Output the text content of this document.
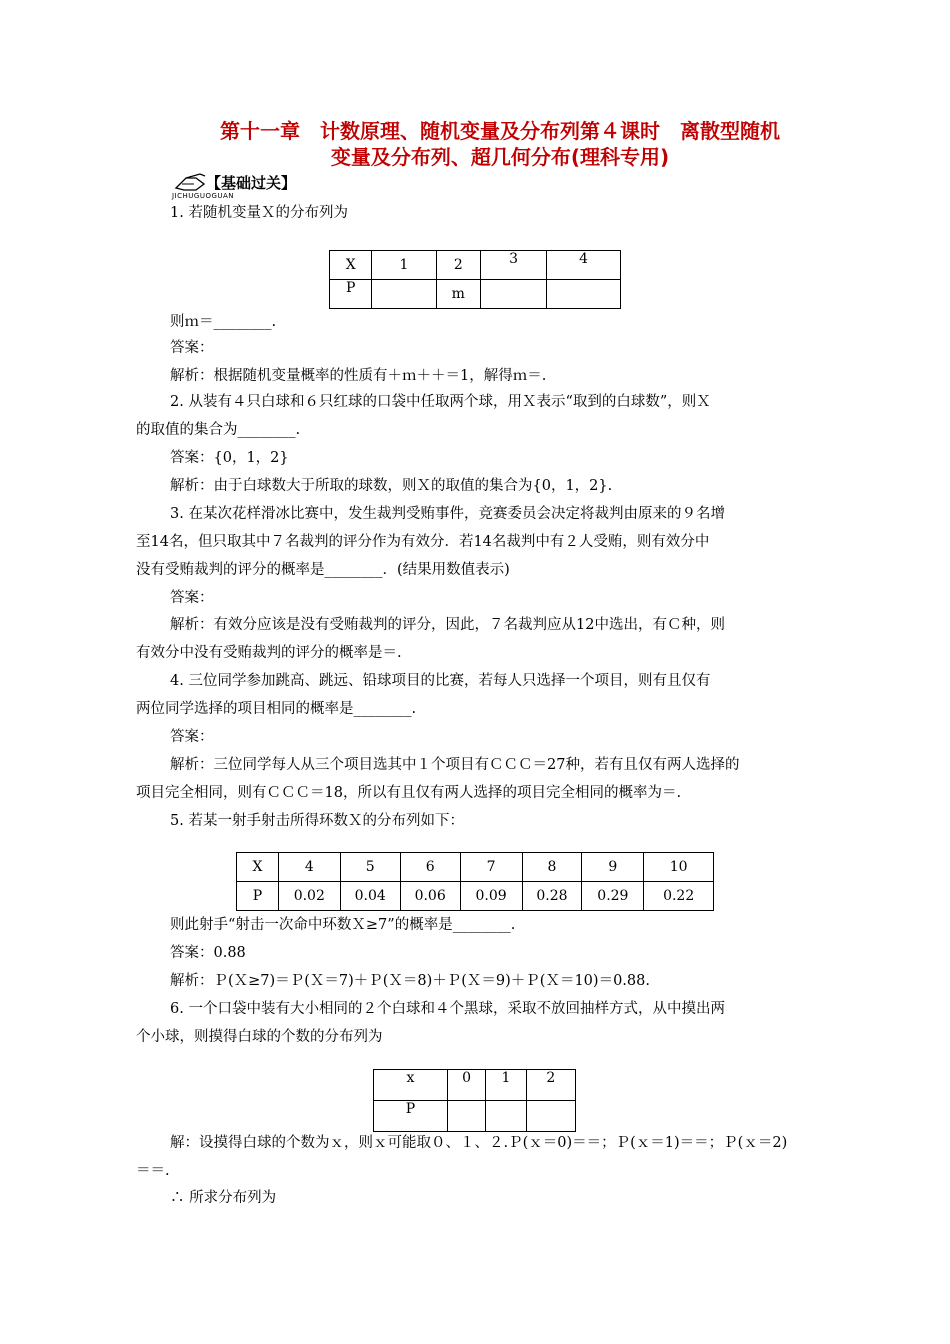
第十一章　计数原理、随机变量及分布列第４课时　离散型随机
变量及分布列、超几何分布(理科专用)
【基础过关】
JICHUGUOGUAN
1. 若随机变量Ｘ的分布列为
X	1	2	3	4
P		m		
则ｍ＝________.
答案：
解析：根据随机变量概率的性质有＋ｍ＋＋＝1，解得ｍ＝.
2. 从装有４只白球和６只红球的口袋中任取两个球，用Ｘ表示“取到的白球数”，则Ｘ
的取值的集合为________.
答案：{0，1，2}
解析：由于白球数大于所取的球数，则Ｘ的取值的集合为{0，1，2}.
3. 在某次花样滑冰比赛中，发生裁判受贿事件，竞赛委员会决定将裁判由原来的９名增
至14名，但只取其中７名裁判的评分作为有效分．若14名裁判中有２人受贿，则有效分中
没有受贿裁判的评分的概率是________．(结果用数值表示)
答案：
解析：有效分应该是没有受贿裁判的评分，因此，７名裁判应从12中选出，有Ｃ种，则
有效分中没有受贿裁判的评分的概率是＝.
4. 三位同学参加跳高、跳远、铅球项目的比赛，若每人只选择一个项目，则有且仅有
两位同学选择的项目相同的概率是________.
答案：
解析：三位同学每人从三个项目选其中１个项目有ＣＣＣ＝27种，若有且仅有两人选择的
项目完全相同，则有ＣＣＣ＝18，所以有且仅有两人选择的项目完全相同的概率为＝.
5. 若某一射手射击所得环数Ｘ的分布列如下：
X	4	5	6	7	8	9	10
P	0.02	0.04	0.06	0.09	0.28	0.29	0.22
则此射手“射击一次命中环数Ｘ≥7”的概率是________.
答案：0.88
解析：Ｐ(Ｘ≥7)＝Ｐ(Ｘ＝7)＋Ｐ(Ｘ＝8)＋Ｐ(Ｘ＝9)＋Ｐ(Ｘ＝10)＝0.88.
6. 一个口袋中装有大小相同的２个白球和４个黑球，采取不放回抽样方式，从中摸出两
个小球，则摸得白球的个数的分布列为
x	0	1	2
P			
解：设摸得白球的个数为ｘ，则ｘ可能取０、１、２.Ｐ(ｘ＝0)＝＝；Ｐ(ｘ＝1)＝＝；Ｐ(ｘ＝2)
＝＝.
∴ 所求分布列为
